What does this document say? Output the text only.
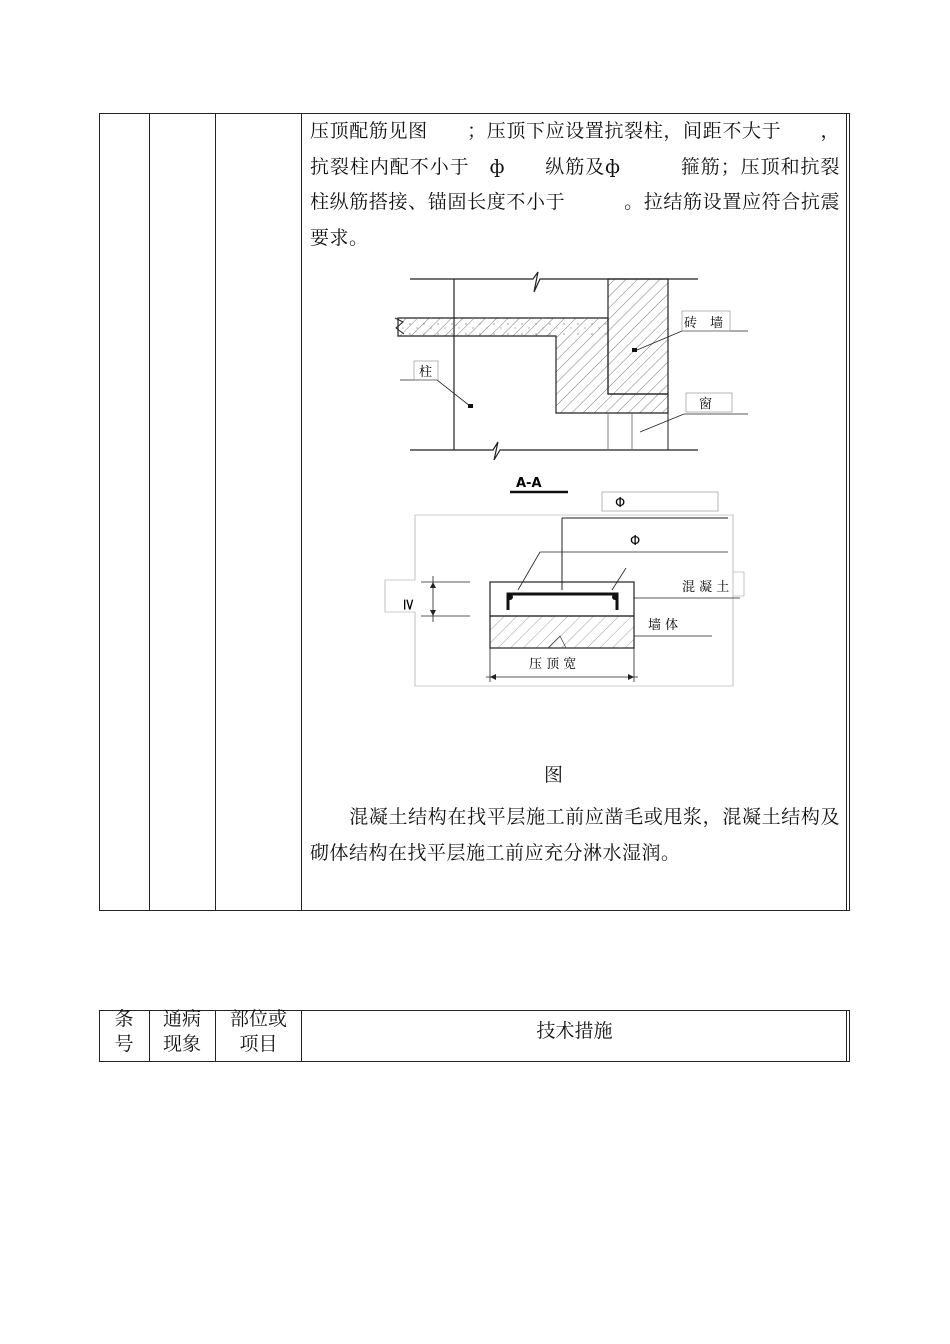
压顶配筋见图　　；压顶下应设置抗裂柱，间距不大于　　，抗裂柱内配不小于　ф　　纵筋及ф　　　箍筋；压顶和抗裂柱纵筋搭接、锚固长度不小于　　　。拉结筋设置应符合抗震要求。

砖　墙
柱
窗
A-A
Φ
Φ
混 凝 土
墙 体
≥
压 顶 宽
图

　　混凝土结构在找平层施工前应凿毛或甩浆，混凝土结构及砌体结构在找平层施工前应充分淋水湿润。

条
号
通病
现象
部位或
项目
技术措施
